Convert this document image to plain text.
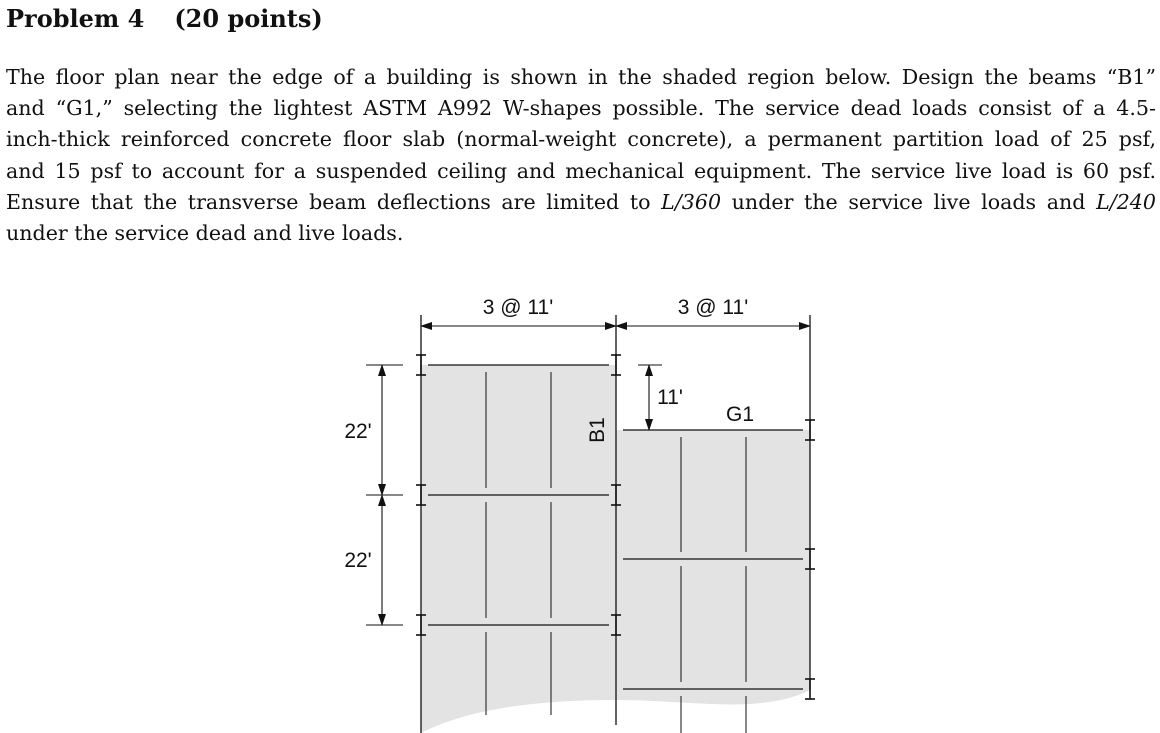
Problem 4 (20 points)
The floor plan near the edge of a building is shown in the shaded region below. Design the beams “B1”
and “G1,” selecting the lightest ASTM A992 W-shapes possible. The service dead loads consist of a 4.5-
inch-thick reinforced concrete floor slab (normal-weight concrete), a permanent partition load of 25 psf,
and 15 psf to account for a suspended ceiling and mechanical equipment. The service live load is 60 psf.
Ensure that the transverse beam deflections are limited to L/360 under the service live loads and L/240
under the service dead and live loads.
3 @ 11'	3 @ 11'
22'
22'
11'
B1
G1
